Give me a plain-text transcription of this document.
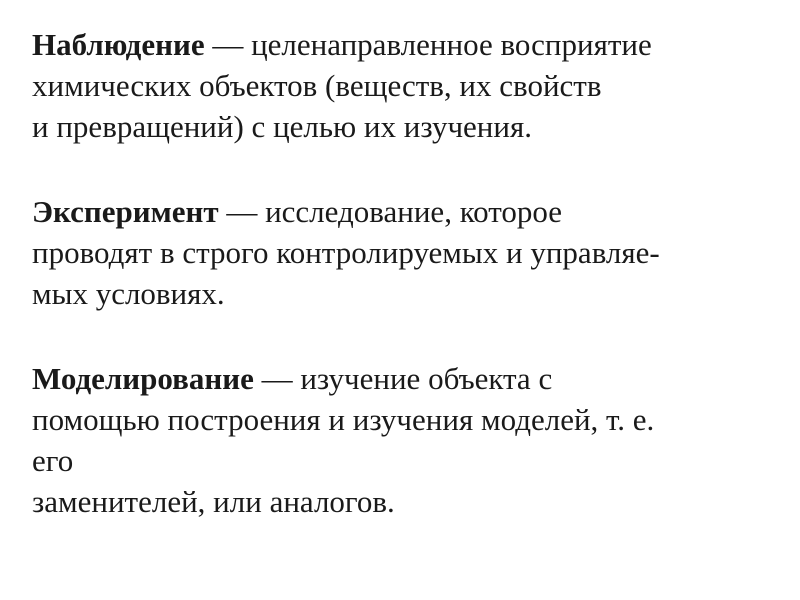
Наблюдение — целенаправленное восприятие
химических объектов (веществ, их свойств
и превращений) с целью их изучения.
Эксперимент — исследование, которое
проводят в строго контролируемых и управляе-
мых условиях.
Моделирование — изучение объекта с
помощью построения и изучения моделей, т. е.
его
заменителей, или аналогов.
